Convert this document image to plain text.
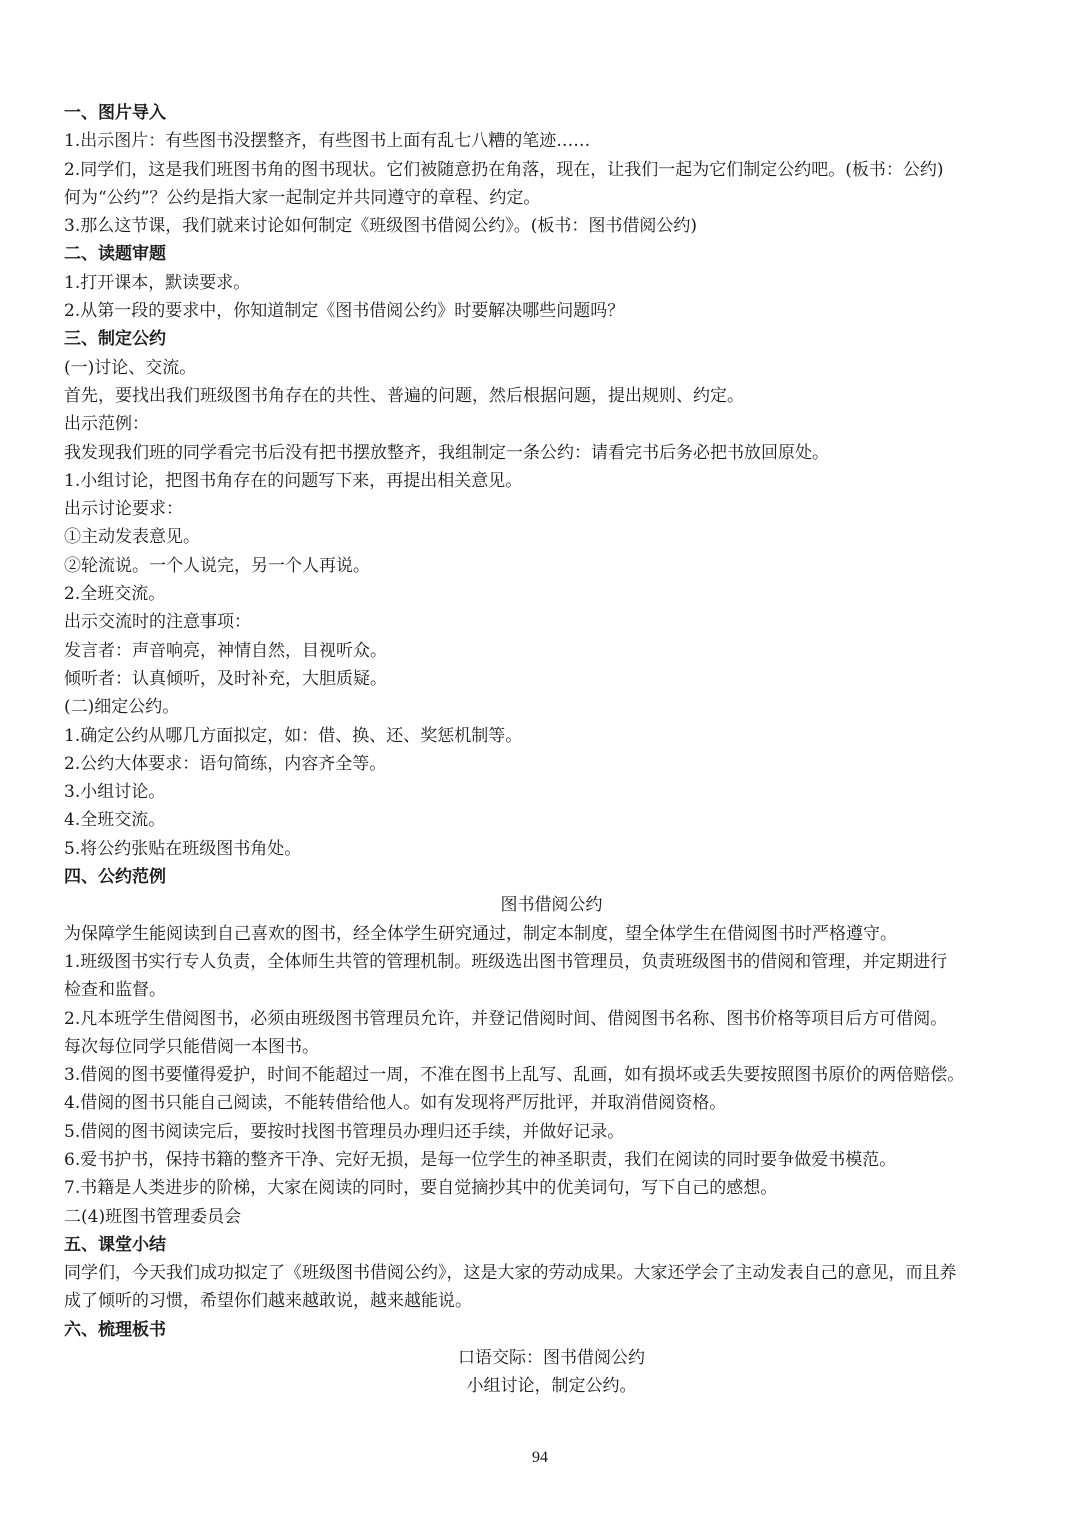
一、图片导入
1.出示图片：有些图书没摆整齐，有些图书上面有乱七八糟的笔迹……
2.同学们，这是我们班图书角的图书现状。它们被随意扔在角落，现在，让我们一起为它们制定公约吧。(板书：公约)
何为“公约”？公约是指大家一起制定并共同遵守的章程、约定。
3.那么这节课，我们就来讨论如何制定《班级图书借阅公约》。(板书：图书借阅公约)
二、读题审题
1.打开课本，默读要求。
2.从第一段的要求中，你知道制定《图书借阅公约》时要解决哪些问题吗？
三、制定公约
(一)讨论、交流。
首先，要找出我们班级图书角存在的共性、普遍的问题，然后根据问题，提出规则、约定。
出示范例：
我发现我们班的同学看完书后没有把书摆放整齐，我组制定一条公约：请看完书后务必把书放回原处。
1.小组讨论，把图书角存在的问题写下来，再提出相关意见。
出示讨论要求：
①主动发表意见。
②轮流说。一个人说完，另一个人再说。
2.全班交流。
出示交流时的注意事项：
发言者：声音响亮，神情自然，目视听众。
倾听者：认真倾听，及时补充，大胆质疑。
(二)细定公约。
1.确定公约从哪几方面拟定，如：借、换、还、奖惩机制等。
2.公约大体要求：语句简练，内容齐全等。
3.小组讨论。
4.全班交流。
5.将公约张贴在班级图书角处。
四、公约范例
图书借阅公约
为保障学生能阅读到自己喜欢的图书，经全体学生研究通过，制定本制度，望全体学生在借阅图书时严格遵守。
1.班级图书实行专人负责，全体师生共管的管理机制。班级选出图书管理员，负责班级图书的借阅和管理，并定期进行
检查和监督。
2.凡本班学生借阅图书，必须由班级图书管理员允许，并登记借阅时间、借阅图书名称、图书价格等项目后方可借阅。
每次每位同学只能借阅一本图书。
3.借阅的图书要懂得爱护，时间不能超过一周，不准在图书上乱写、乱画，如有损坏或丢失要按照图书原价的两倍赔偿。
4.借阅的图书只能自己阅读，不能转借给他人。如有发现将严厉批评，并取消借阅资格。
5.借阅的图书阅读完后，要按时找图书管理员办理归还手续，并做好记录。
6.爱书护书，保持书籍的整齐干净、完好无损，是每一位学生的神圣职责，我们在阅读的同时要争做爱书模范。
7.书籍是人类进步的阶梯，大家在阅读的同时，要自觉摘抄其中的优美词句，写下自己的感想。
二(4)班图书管理委员会
五、课堂小结
同学们，今天我们成功拟定了《班级图书借阅公约》，这是大家的劳动成果。大家还学会了主动发表自己的意见，而且养
成了倾听的习惯，希望你们越来越敢说，越来越能说。
六、梳理板书
口语交际：图书借阅公约
小组讨论，制定公约。
94
